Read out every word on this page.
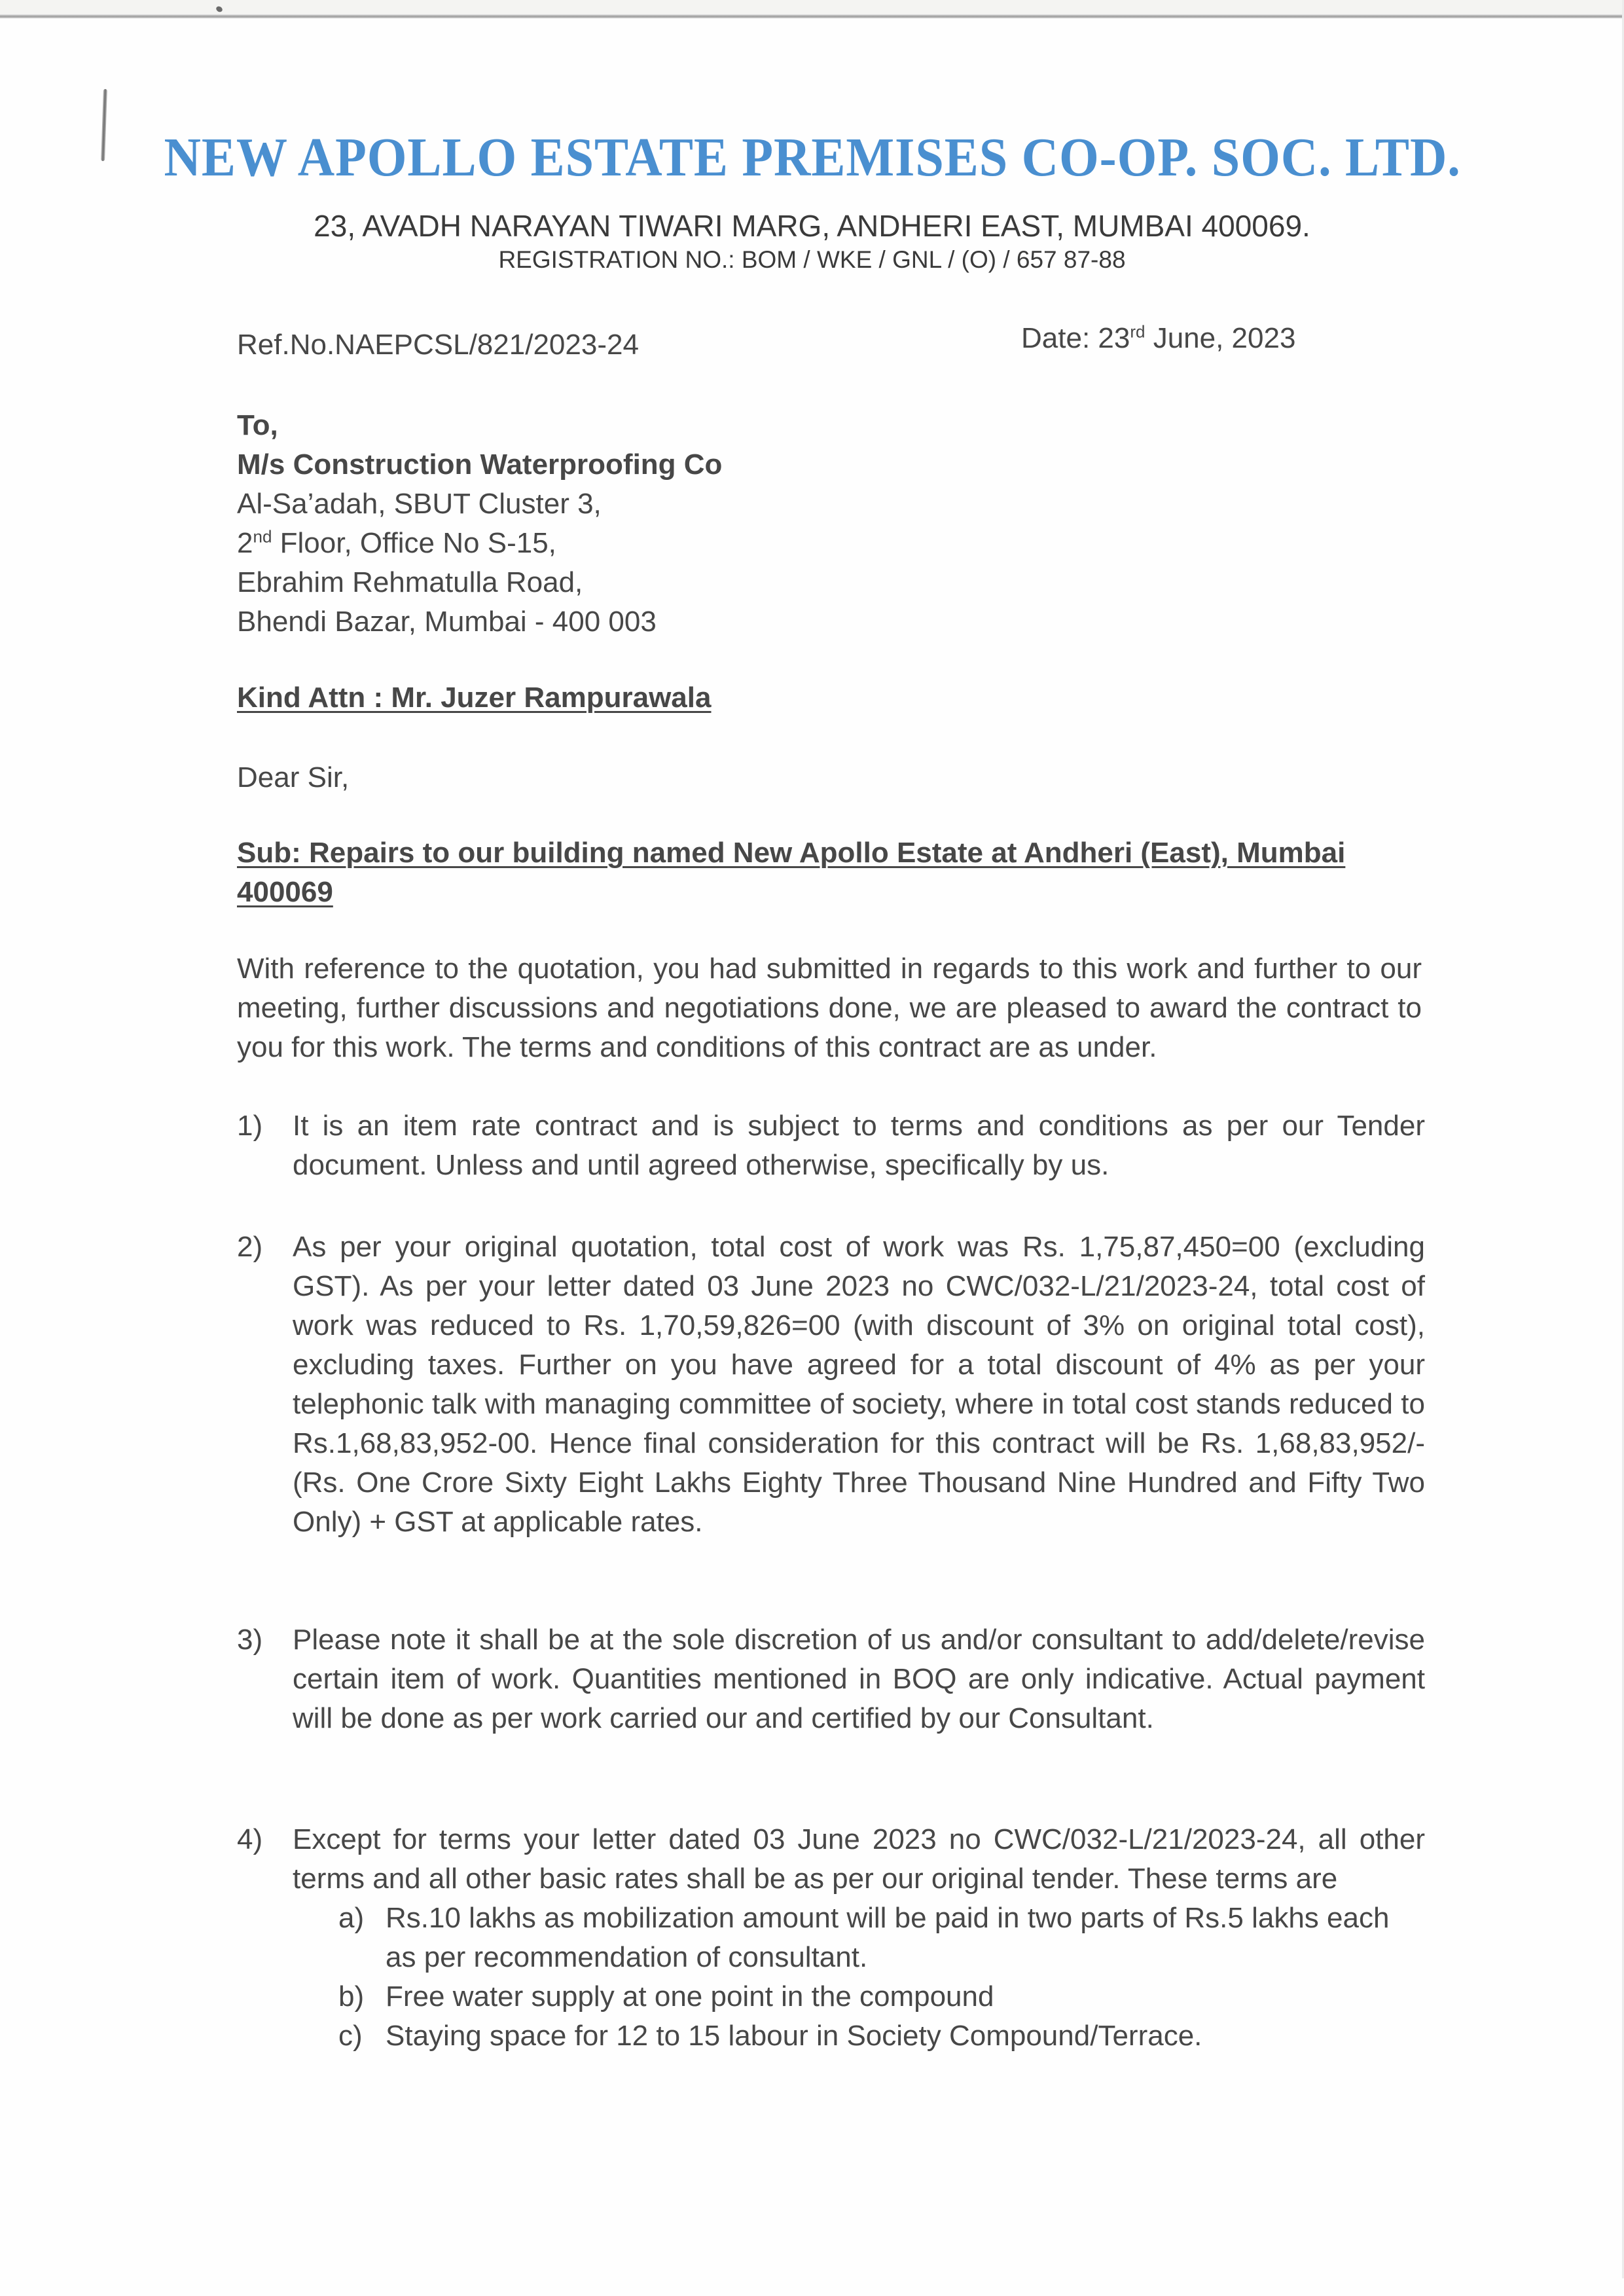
NEW APOLLO ESTATE PREMISES CO-OP. SOC. LTD.
23, AVADH NARAYAN TIWARI MARG, ANDHERI EAST, MUMBAI 400069.
REGISTRATION NO.: BOM / WKE / GNL / (O) / 657 87-88
Ref.No.NAEPCSL/821/2023-24	Date: 23rd June, 2023
To,
M/s Construction Waterproofing Co
Al-Sa’adah, SBUT Cluster 3,
2nd Floor, Office No S-15,
Ebrahim Rehmatulla Road,
Bhendi Bazar, Mumbai - 400 003
Kind Attn : Mr. Juzer Rampurawala
Dear Sir,
Sub: Repairs to our building named New Apollo Estate at Andheri (East), Mumbai 400069
With reference to the quotation, you had submitted in regards to this work and further to our meeting, further discussions and negotiations done, we are pleased to award the contract to you for this work. The terms and conditions of this contract are as under.
1)	It is an item rate contract and is subject to terms and conditions as per our Tender document. Unless and until agreed otherwise, specifically by us.
2)	As per your original quotation, total cost of work was Rs. 1,75,87,450=00 (excluding GST). As per your letter dated 03 June 2023 no CWC/032-L/21/2023-24, total cost of work was reduced to Rs. 1,70,59,826=00 (with discount of 3% on original total cost), excluding taxes. Further on you have agreed for a total discount of 4% as per your telephonic talk with managing committee of society, where in total cost stands reduced to Rs.1,68,83,952-00. Hence final consideration for this contract will be Rs. 1,68,83,952/- (Rs. One Crore Sixty Eight Lakhs Eighty Three Thousand Nine Hundred and Fifty Two Only) + GST at applicable rates.
3)	Please note it shall be at the sole discretion of us and/or consultant to add/delete/revise certain item of work. Quantities mentioned in BOQ are only indicative. Actual payment will be done as per work carried our and certified by our Consultant.
4)	Except for terms your letter dated 03 June 2023 no CWC/032-L/21/2023-24, all other terms and all other basic rates shall be as per our original tender. These terms are
a) Rs.10 lakhs as mobilization amount will be paid in two parts of Rs.5 lakhs each as per recommendation of consultant.
b) Free water supply at one point in the compound
c) Staying space for 12 to 15 labour in Society Compound/Terrace.
